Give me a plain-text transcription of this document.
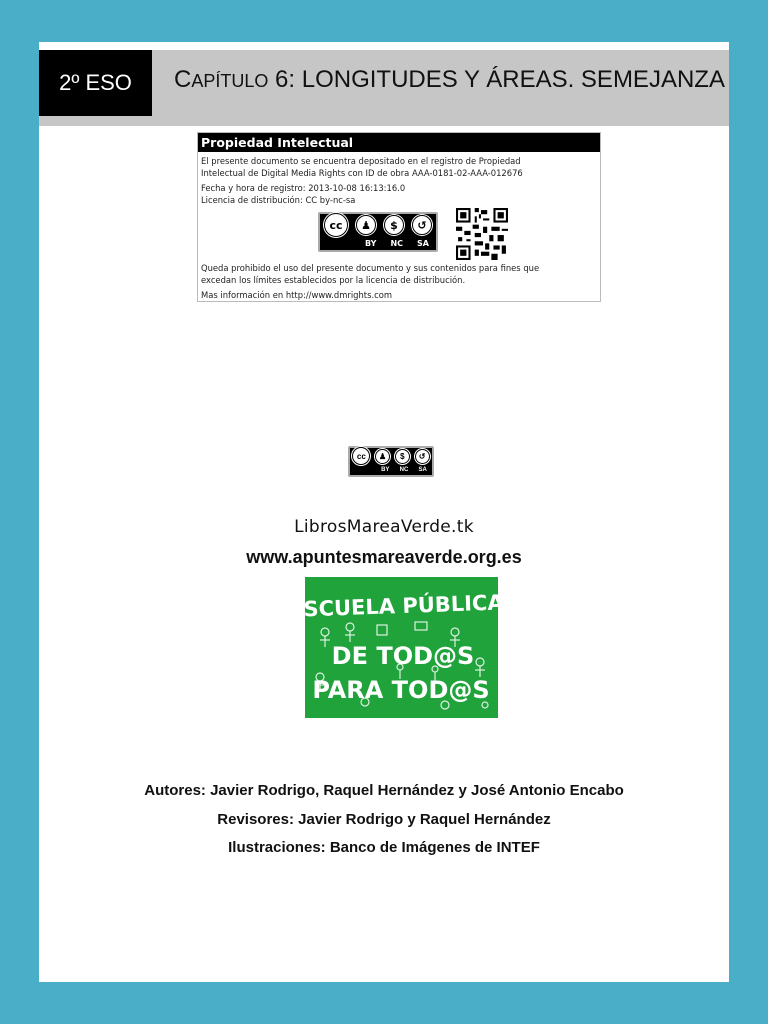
2º ESO	CAPÍTULO 6: LONGITUDES Y ÁREAS. SEMEJANZA
Propiedad Intelectual
El presente documento se encuentra depositado en el registro de Propiedad
Intelectual de Digital Media Rights con ID de obra AAA-0181-02-AAA-012676
Fecha y hora de registro: 2013-10-08 16:13:16.0
Licencia de distribución: CC by-nc-sa
cc	♟	$	↺
BY NC SA
Queda prohibido el uso del presente documento y sus contenidos para fines que
excedan los límites establecidos por la licencia de distribución.
Mas información en http://www.dmrights.com
cc	♟	$	↺
BY NC SA
LibrosMareaVerde.tk
www.apuntesmareaverde.org.es
ESCUELA PÚBLICA:
DE TOD@S
PARA TOD@S
Autores: Javier Rodrigo, Raquel Hernández y José Antonio Encabo
Revisores: Javier Rodrigo y Raquel Hernández
Ilustraciones: Banco de Imágenes de INTEF
